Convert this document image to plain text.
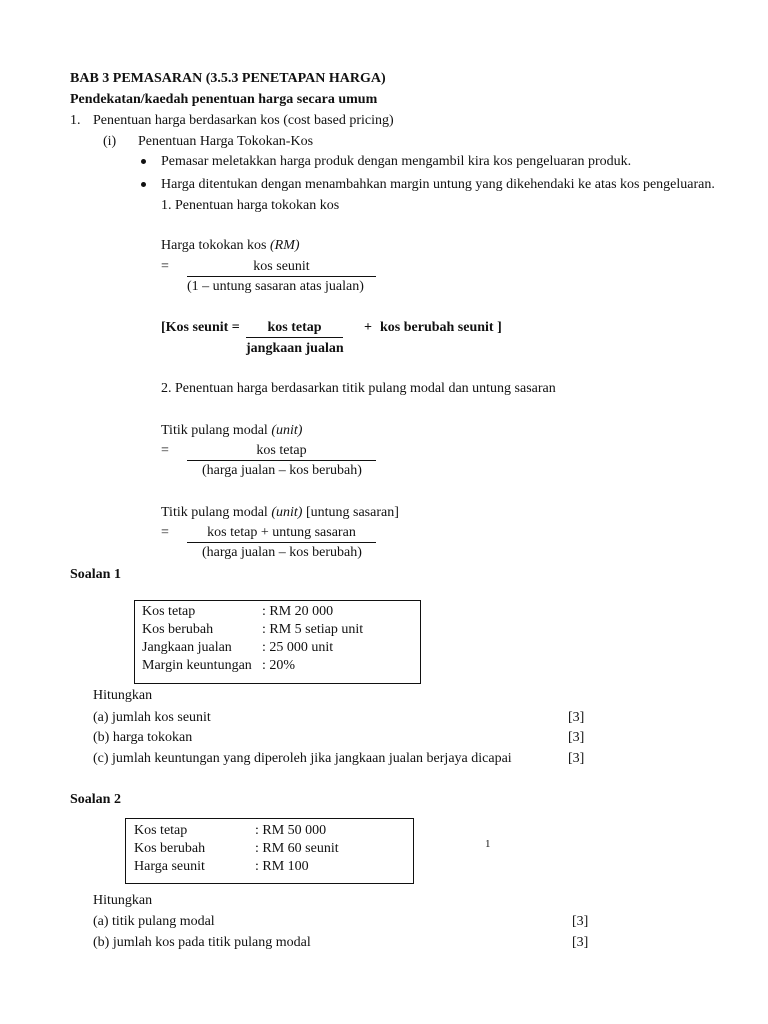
BAB 3 PEMASARAN (3.5.3 PENETAPAN HARGA)
Pendekatan/kaedah penentuan harga secara umum
1. Penentuan harga berdasarkan kos (cost based pricing)
(i) Penentuan Harga Tokokan-Kos
Pemasar meletakkan harga produk dengan mengambil kira kos pengeluaran produk.
Harga ditentukan dengan menambahkan margin untung yang dikehendaki ke atas kos pengeluaran.
1. Penentuan harga tokokan kos
Harga tokokan kos (RM)
=	kos seunit
(1 – untung sasaran atas jualan)
[Kos seunit =	kos tetap	+ kos berubah seunit ]
jangkaan jualan
2. Penentuan harga berdasarkan titik pulang modal dan untung sasaran
Titik pulang modal (unit)
=	kos tetap
(harga jualan – kos berubah)
Titik pulang modal (unit) [untung sasaran]
=	kos tetap + untung sasaran
(harga jualan – kos berubah)
Soalan 1
Kos tetap	: RM 20 000
Kos berubah	: RM 5 setiap unit
Jangkaan jualan : 25 000 unit
Margin keuntungan : 20%
Hitungkan
(a) jumlah kos seunit	[3]
(b) harga tokokan	[3]
(c) jumlah keuntungan yang diperoleh jika jangkaan jualan berjaya dicapai	[3]
Soalan 2
Kos tetap	: RM 50 000
Kos berubah	: RM 60 seunit
Harga seunit	: RM 100
1
Hitungkan
(a) titik pulang modal	[3]
(b) jumlah kos pada titik pulang modal	[3]
